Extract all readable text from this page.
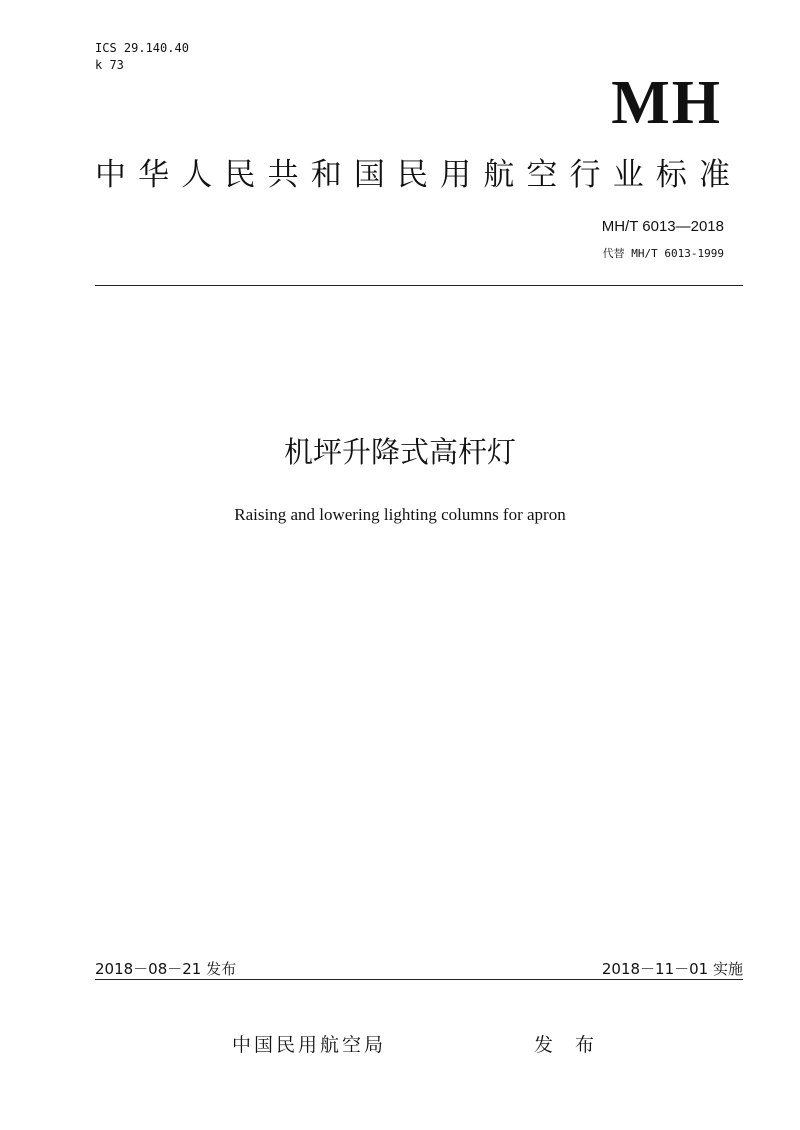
ICS 29.140.40
k 73
MH
中 华 人 民 共 和 国 民 用 航 空 行 业 标 准
MH/T 6013—2018
代替 MH/T 6013-1999
机坪升降式高杆灯
Raising and lowering lighting columns for apron
2018－08－21 发布	2018－11－01 实施
中国民用航空局	发 布
